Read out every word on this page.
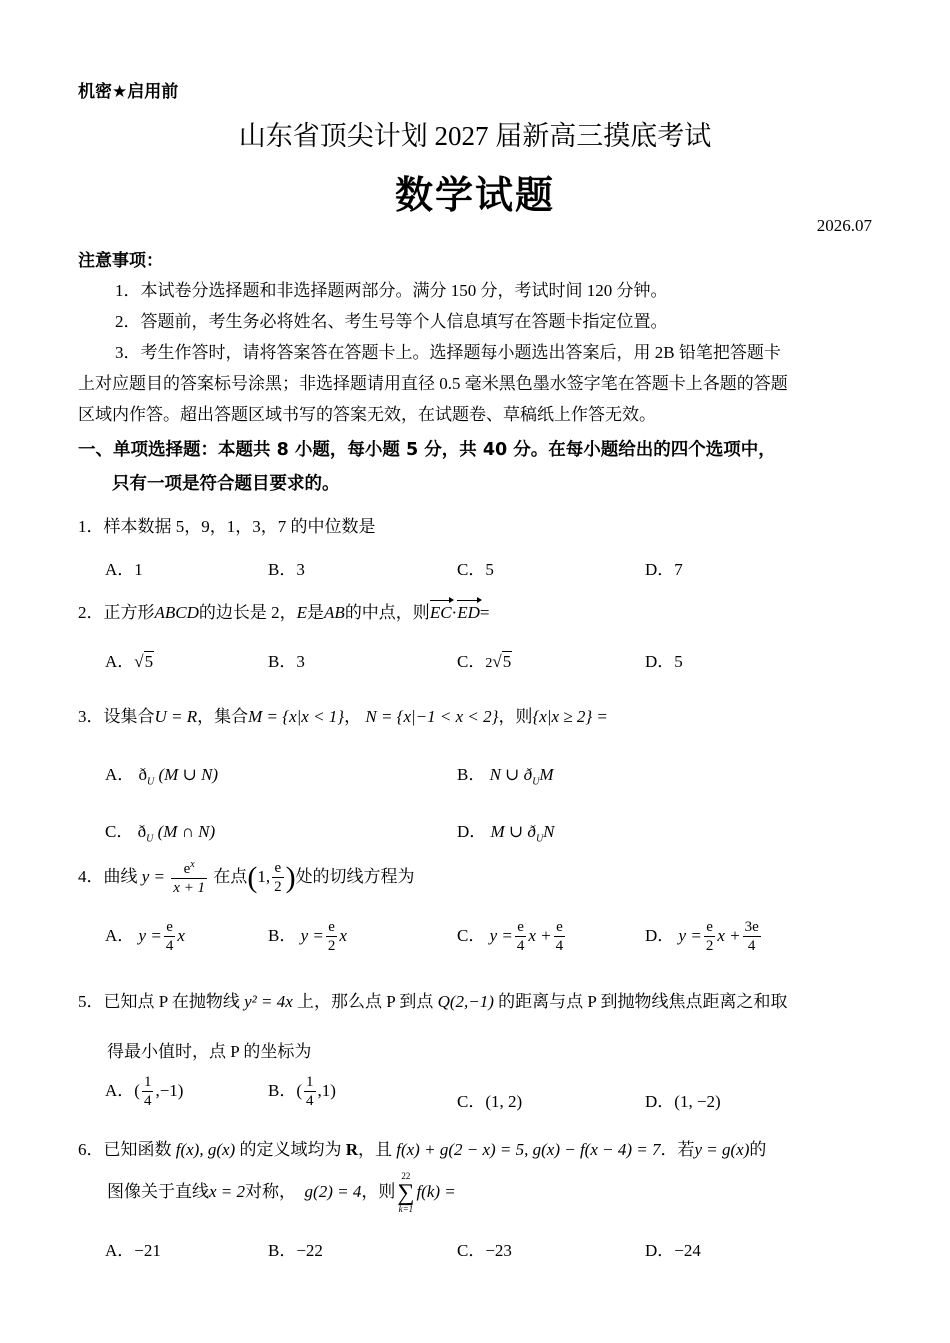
机密★启用前
山东省顶尖计划 2027 届新高三摸底考试
数学试题
2026.07
注意事项：
1．本试卷分选择题和非选择题两部分。满分 150 分，考试时间 120 分钟。
2．答题前，考生务必将姓名、考生号等个人信息填写在答题卡指定位置。
3．考生作答时，请将答案答在答题卡上。选择题每小题选出答案后，用 2B 铅笔把答题卡
上对应题目的答案标号涂黑；非选择题请用直径 0.5 毫米黑色墨水签字笔在答题卡上各题的答题
区域内作答。超出答题区域书写的答案无效，在试题卷、草稿纸上作答无效。
一、单项选择题：本题共 8 小题，每小题 5 分，共 40 分。在每小题给出的四个选项中，
只有一项是符合题目要求的。
1．样本数据 5，9，1，3，7 的中位数是
A．1	B．3	C．5	D．7
2．正方形ABCD的边长是 2，E是AB的中点，则EC·ED=
A．√5	B．3	C．2√5	D．5
3．设集合U = R，集合M = {x|x < 1}， N = {x|−1 < x < 2}，则{x|x ≥ 2} =
A． $ð_U$ (M ∪ N)	B． N ∪ $ð_UM$
C． $ð_U$ (M ∩ N)	D． M ∪ $ð_UN$
4．曲线 $y = \frac{e^x}{x + 1}$ 在点(1, $\frac{e}{2}$ )处的切线方程为
A． $y = \frac{e}{4}$ x	B． $y = \frac{e}{2}$ x	C． $y = \frac{e}{4}$ $x + \frac{e}{4}$	D． $y = \frac{e}{2}$ $x + \frac{3e}{4}$
5．已知点 P 在抛物线 y² = 4x 上，那么点 P 到点 Q(2,−1) 的距离与点 P 到抛物线焦点距离之和取
得最小值时，点 P 的坐标为
A．( $\frac{1}{4} ,-1$)	B．( $\frac{1}{4} ,1$)
C．(1, 2)	D．(1, −2)
6．已知函数 f(x), g(x) 的定义域均为 R，且 f(x) + g(2 − x) = 5, g(x) − f(x − 4) = 7．若y = g(x)的
图像关于直线x = 2对称， g(2) = 4，则
22
∑
k=1
f(k) =
A．−21	B．−22	C．−23	D．−24
